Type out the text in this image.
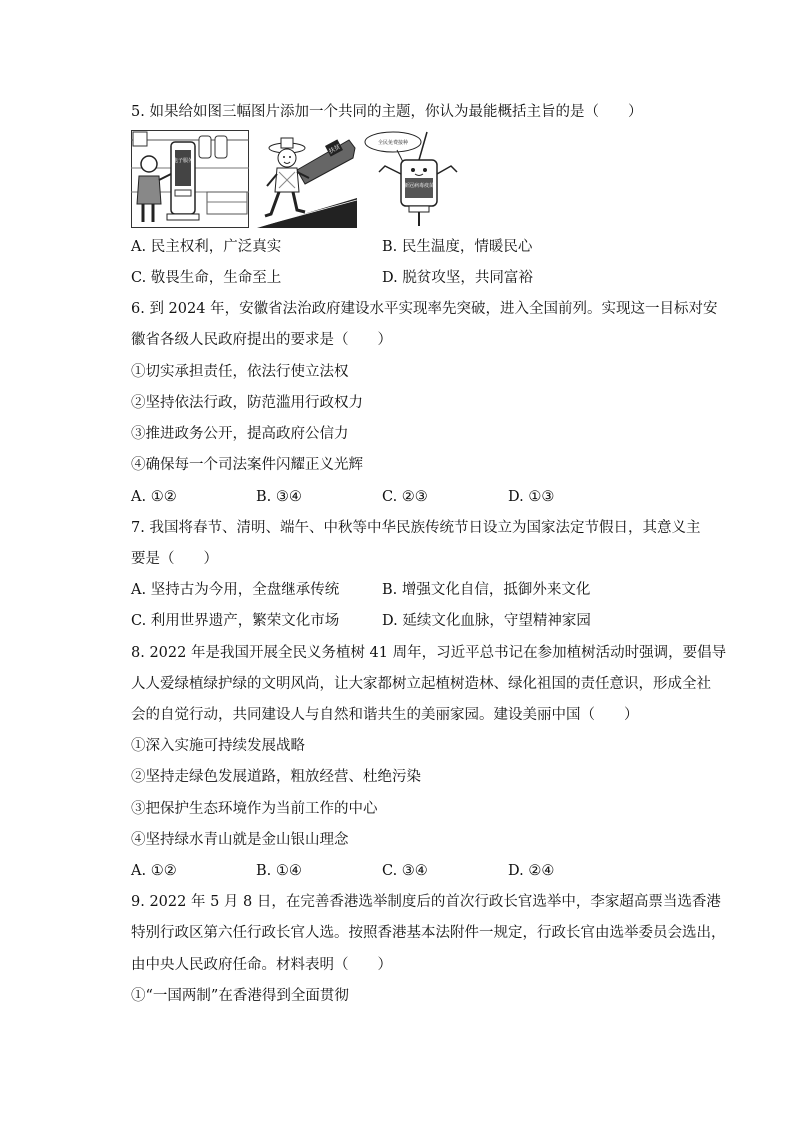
5. 如果给如图三幅图片添加一个共同的主题，你认为最能概括主旨的是（　　）
电子服务
扶贫
全民免费接种
新冠病毒疫苗
A. 民主权利，广泛真实	B. 民生温度，情暖民心
C. 敬畏生命，生命至上	D. 脱贫攻坚，共同富裕
6. 到 2024 年，安徽省法治政府建设水平实现率先突破，进入全国前列。实现这一目标对安
徽省各级人民政府提出的要求是（　　）
①切实承担责任，依法行使立法权
②坚持依法行政，防范滥用行政权力
③推进政务公开，提高政府公信力
④确保每一个司法案件闪耀正义光辉
A. ①②	B. ③④	C. ②③	D. ①③
7. 我国将春节、清明、端午、中秋等中华民族传统节日设立为国家法定节假日，其意义主
要是（　　）
A. 坚持古为今用，全盘继承传统	B. 增强文化自信，抵御外来文化
C. 利用世界遗产，繁荣文化市场	D. 延续文化血脉，守望精神家园
8. 2022 年是我国开展全民义务植树 41 周年，习近平总书记在参加植树活动时强调，要倡导
人人爱绿植绿护绿的文明风尚，让大家都树立起植树造林、绿化祖国的责任意识，形成全社
会的自觉行动，共同建设人与自然和谐共生的美丽家园。建设美丽中国（　　）
①深入实施可持续发展战略
②坚持走绿色发展道路，粗放经营、杜绝污染
③把保护生态环境作为当前工作的中心
④坚持绿水青山就是金山银山理念
A. ①②	B. ①④	C. ③④	D. ②④
9. 2022 年 5 月 8 日，在完善香港选举制度后的首次行政长官选举中，李家超高票当选香港
特别行政区第六任行政长官人选。按照香港基本法附件一规定，行政长官由选举委员会选出，
由中央人民政府任命。材料表明（　　）
①“一国两制”在香港得到全面贯彻
